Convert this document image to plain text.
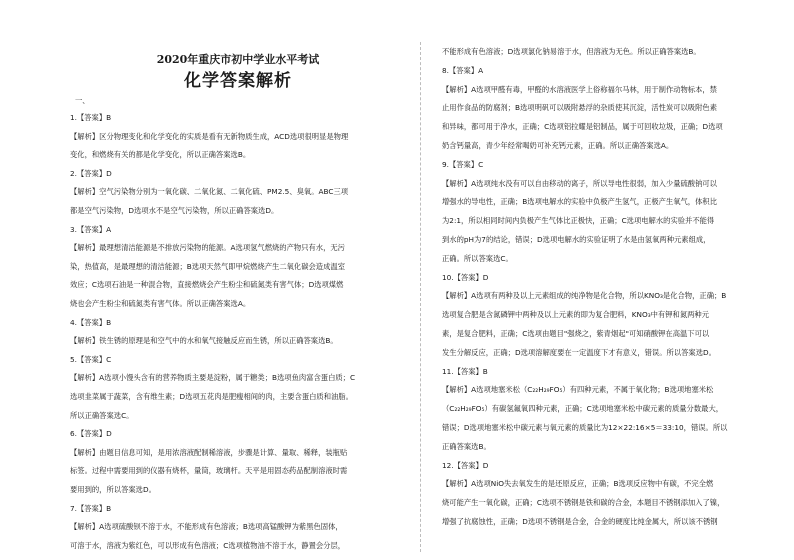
2020年重庆市初中学业水平考试
化学答案解析
一、
1.【答案】B
【解析】区分物理变化和化学变化的实质是看有无新物质生成，ACD选项很明显是物理
变化，和燃烧有关的都是化学变化，所以正确答案选B。
2.【答案】D
【解析】空气污染物分别为一氧化碳、二氧化氮、二氧化硫、PM2.5、臭氧。ABC三项
都是空气污染物，D选项水不是空气污染物，所以正确答案选D。
3.【答案】A
【解析】最理想清洁能源是不排放污染物的能源。A选项氢气燃烧的产物只有水，无污
染，热值高，是最理想的清洁能源；B选项天然气即甲烷燃烧产生二氧化碳会造成温室
效应；C选项石油是一种混合物，直接燃烧会产生粉尘和硫氮类有害气体；D选项煤燃
烧也会产生粉尘和硫氮类有害气体。所以正确答案选A。
4.【答案】B
【解析】铁生锈的原理是和空气中的水和氧气接触反应而生锈，所以正确答案选B。
5.【答案】C
【解析】A选项小馒头含有的营养物质主要是淀粉，属于糖类；B选项鱼肉富含蛋白质；C
选项韭菜属于蔬菜，含有维生素；D选项五花肉是肥瘦相间的肉，主要含蛋白质和油脂。
所以正确答案选C。
6.【答案】D
【解析】由题目信息可知，是用浓溶液配制稀溶液，步骤是计算、量取、稀释，装瓶贴
标签。过程中需要用到的仪器有烧杯，量筒，玻璃杆。天平是用固态药品配制溶液时需
要用到的，所以答案选D。
7.【答案】B
【解析】A选项硫酸钡不溶于水，不能形成有色溶液；B选项高锰酸钾为紫黑色固体，
可溶于水，溶液为紫红色，可以形成有色溶液；C选项植物油不溶于水，静置会分层，
不能形成有色溶液；D选项氯化钠易溶于水，但溶液为无色。所以正确答案选B。
8.【答案】A
【解析】A选项甲醛有毒，甲醛的水溶液医学上俗称福尔马林，用于制作动物标本，禁
止用作食品的防腐剂；B选项明矾可以吸附悬浮的杂质使其沉淀，活性炭可以吸附色素
和异味，都可用于净水，正确；C选项铝拉耀是铝制品，属于可回收垃圾，正确；D选项
奶含钙量高，青少年经常喝奶可补充钙元素，正确。所以正确答案选A。
9.【答案】C
【解析】A选项纯水没有可以自由移动的离子，所以导电性很弱，加入少量硫酸钠可以
增强水的导电性，正确；B选项电解水的实验中负极产生氢气，正极产生氧气，体积比
为2:1，所以相同时间内负极产生气体比正极快，正确；C选项电解水的实验并不能得
到水的pH为7的结论，错误；D选项电解水的实验证明了水是由氢氧两种元素组成，
正确。所以答案选C。
10.【答案】D
【解析】A选项有两种及以上元素组成的纯净物是化合物，所以KNO₃是化合物，正确；B
选项复合肥是含氮磷钾中两种及以上元素的即为复合肥料，KNO₃中有钾和氮两种元
素，是复合肥料，正确；C选项由题目"强烧之，紫青烟起"可知硝酸钾在高温下可以
发生分解反应，正确；D选项溶解度要在一定温度下才有意义，错误。所以答案选D。
11.【答案】B
【解析】A选项地塞米松（C₂₂H₂₉FO₅）有四种元素，不属于氧化物；B选项地塞米松
（C₂₂H₂₉FO₅）有碳氢氟氧四种元素，正确；C选项地塞米松中碳元素的质量分数最大，
错误；D选项地塞米松中碳元素与氧元素的质量比为12×22:16×5＝33:10，错误。所以
正确答案选B。
12.【答案】D
【解析】A选项NiO失去氧发生的是还原反应，正确；B选项反应物中有碳，不完全燃
烧可能产生一氧化碳，正确；C选项不锈钢是铁和碳的合金，本题目不锈钢添加入了镍，
增强了抗腐蚀性，正确；D选项不锈钢是合金，合金的硬度比纯金属大，所以该不锈钢
